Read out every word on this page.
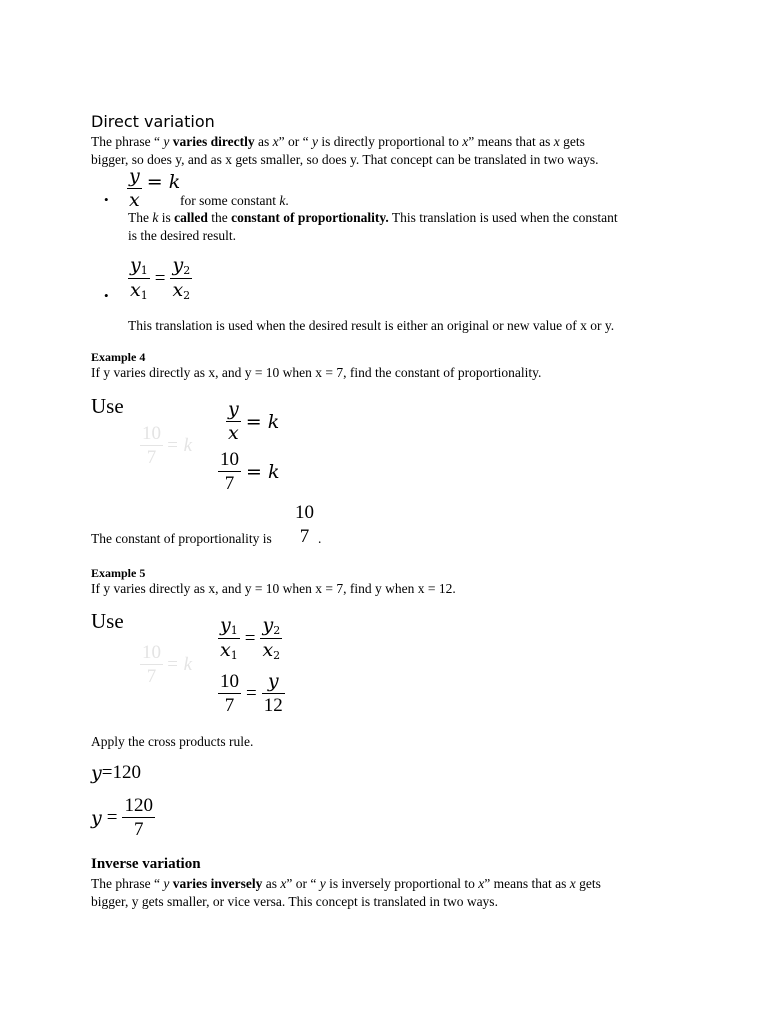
Direct variation
The phrase “ y varies directly as x” or “ y is directly proportional to x” means that as x gets
bigger, so does y, and as x gets smaller, so does y. That concept can be translated in two ways.
• $\frac{y}{x} = k$
for some constant k.
The k is called the constant of proportionality. This translation is used when the constant
is the desired result.
• $\frac{y_1}{x_1} = \frac{y_2}{x_2}$
This translation is used when the desired result is either an original or new value of x or y.
Example 4
If y varies directly as x, and y = 10 when x = 7, find the constant of proportionality.
Use
$\frac{10}{7} = k$
$\frac{y}{x} = k$
$\frac{10}{7} = k$
The constant of proportionality is
10
7 .
Example 5
If y varies directly as x, and y = 10 when x = 7, find y when x = 12.
Use
$\frac{10}{7} = k$
$\frac{y_1}{x_1} = \frac{y_2}{x_2}$
$\frac{10}{7} = \frac{y}{12}$
Apply the cross products rule.
y =120
$y = \frac{120}{7}$
Inverse variation
The phrase “ y varies inversely as x” or “ y is inversely proportional to x” means that as x gets
bigger, y gets smaller, or vice versa. This concept is translated in two ways.
